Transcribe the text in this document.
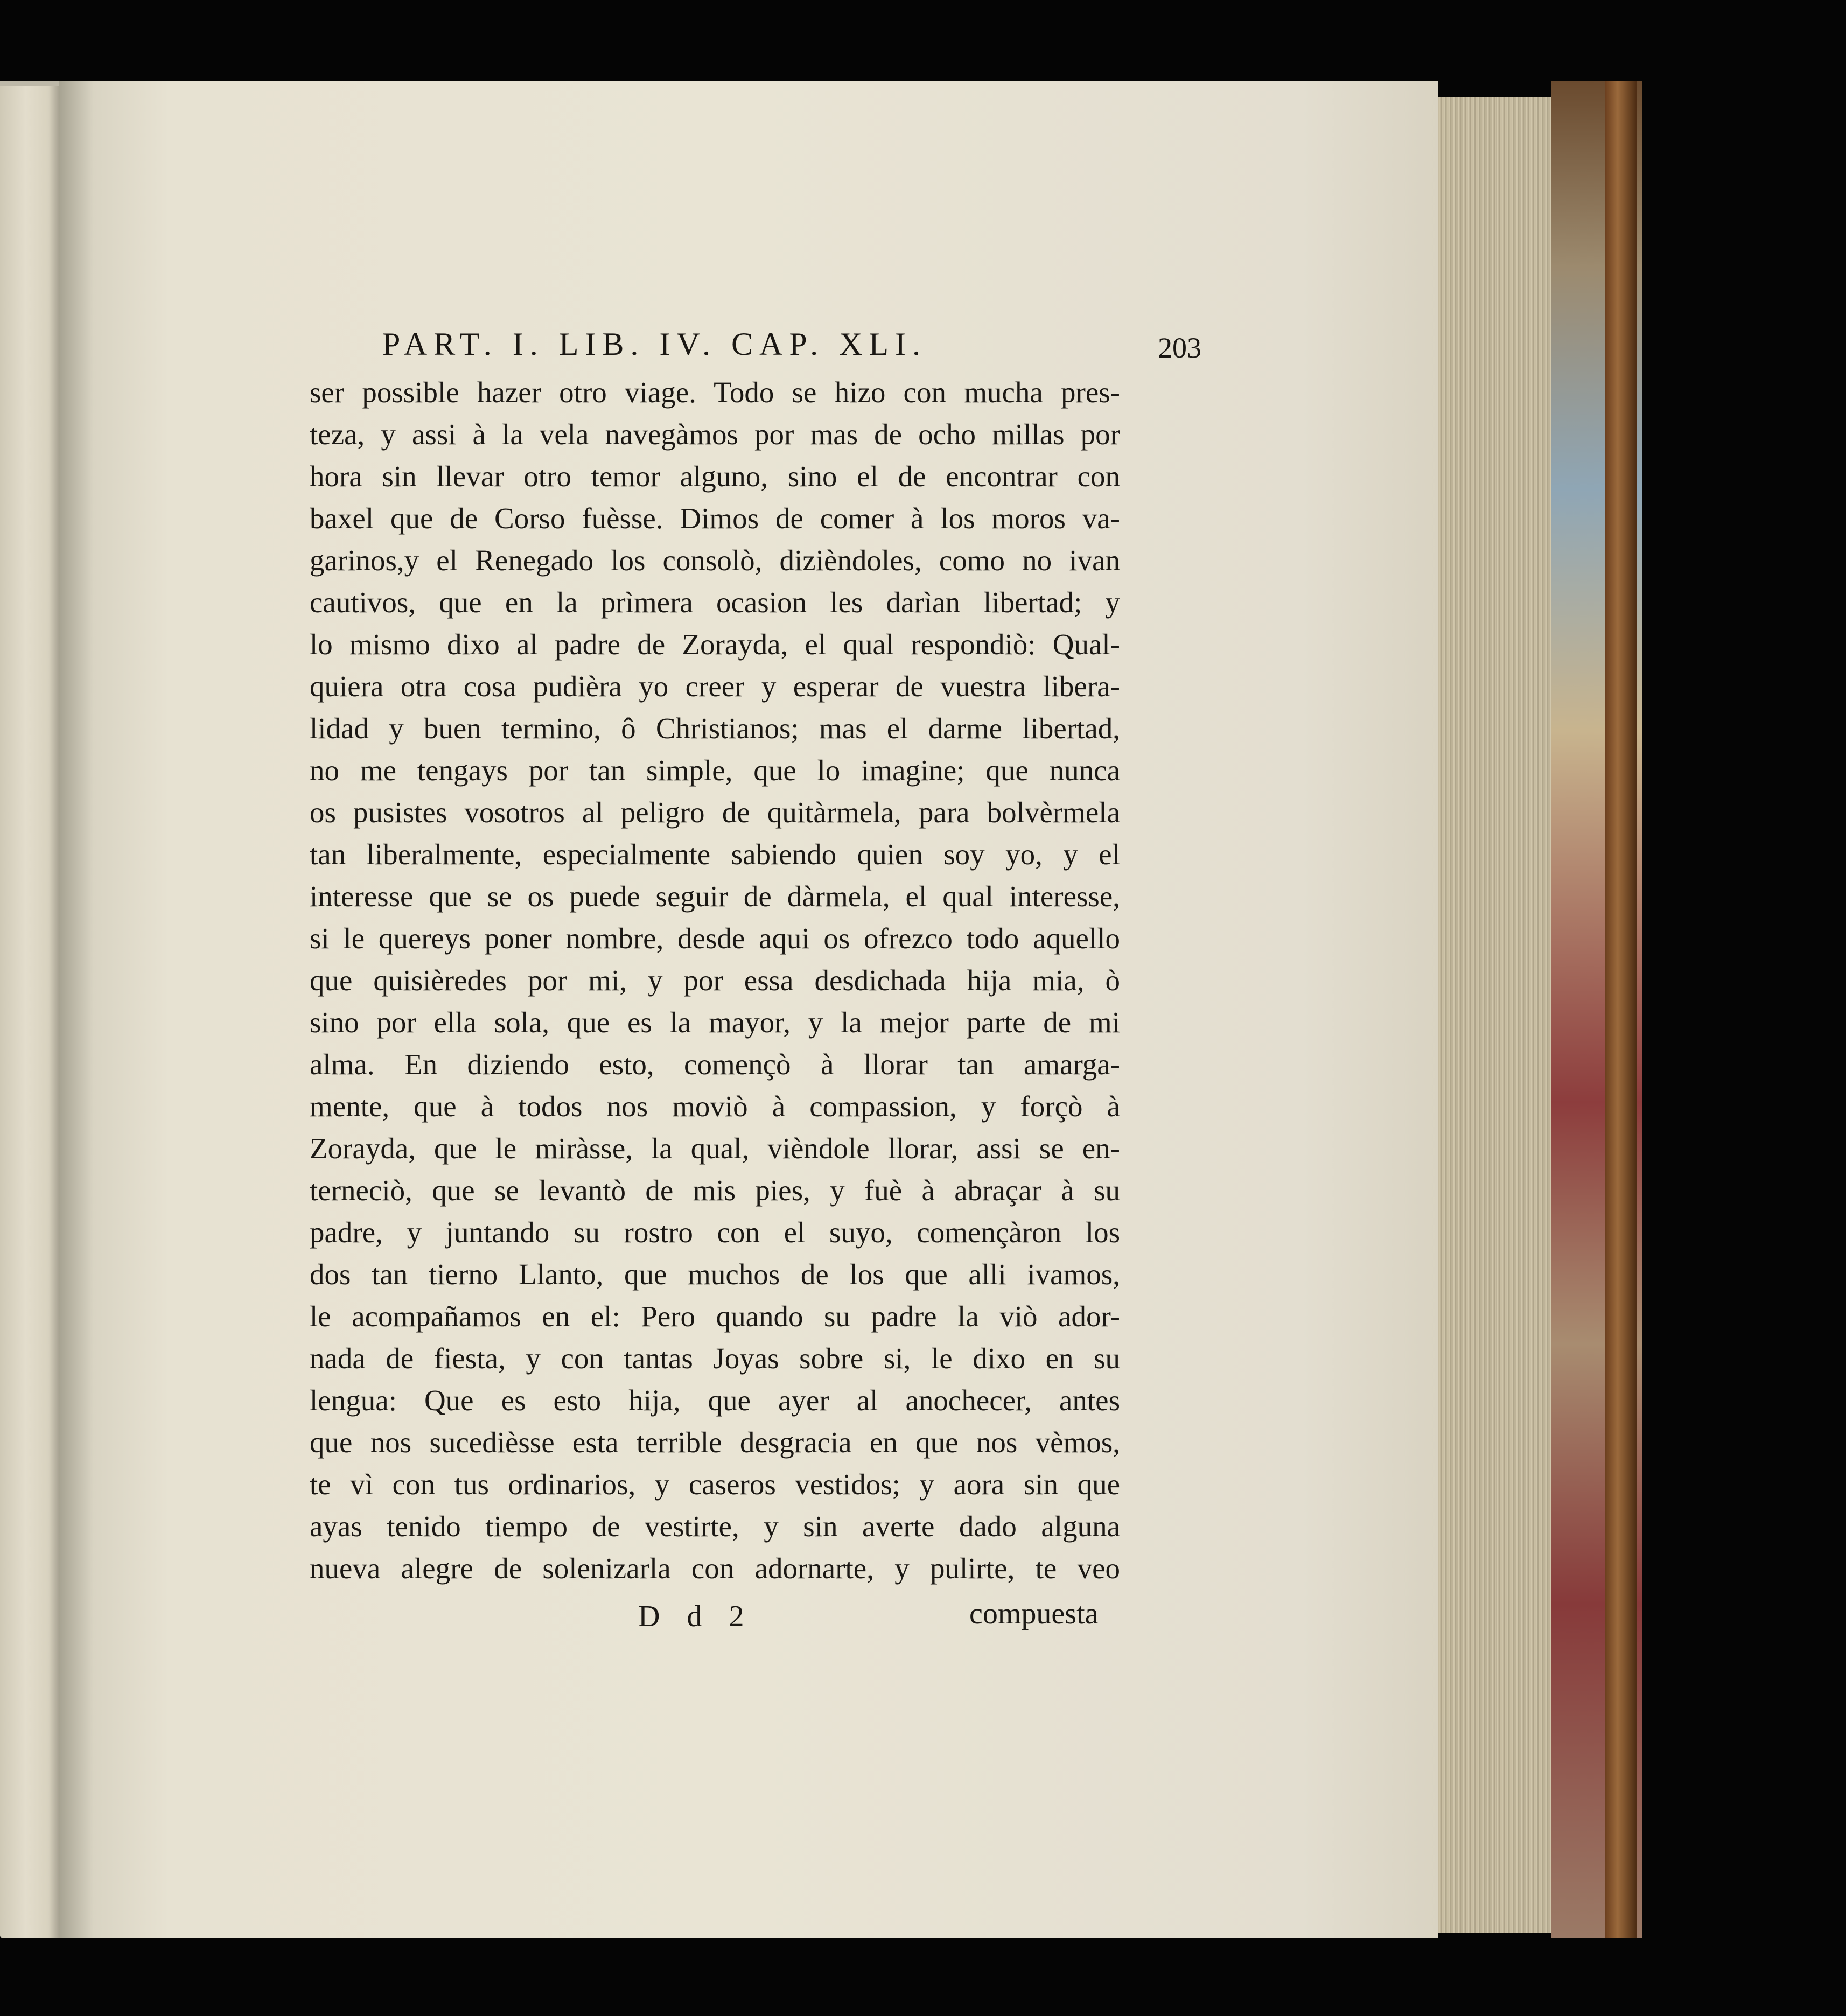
PART. I. LIB. IV. CAP. XLI.	203
ser possible hazer otro viage. Todo se hizo con mucha pres-
teza, y assi à la vela navegàmos por mas de ocho millas por
hora sin llevar otro temor alguno, sino el de encontrar con
baxel que de Corso fuèsse. Dimos de comer à los moros va-
garinos,y el Renegado los consolò, dizièndoles, como no ivan
cautivos, que en la prìmera ocasion les darìan libertad; y
lo mismo dixo al padre de Zorayda, el qual respondiò: Qual-
quiera otra cosa pudièra yo creer y esperar de vuestra libera-
lidad y buen termino, ô Christianos; mas el darme libertad,
no me tengays por tan simple, que lo imagine; que nunca
os pusistes vosotros al peligro de quitàrmela, para bolvèrmela
tan liberalmente, especialmente sabiendo quien soy yo, y el
interesse que se os puede seguir de dàrmela, el qual interesse,
si le quereys poner nombre, desde aqui os ofrezco todo aquello
que quisièredes por mi, y por essa desdichada hija mia, ò
sino por ella sola, que es la mayor, y la mejor parte de mi
alma. En diziendo esto, començò à llorar tan amarga-
mente, que à todos nos moviò à compassion, y forçò à
Zorayda, que le miràsse, la qual, vièndole llorar, assi se en-
terneciò, que se levantò de mis pies, y fuè à abraçar à su
padre, y juntando su rostro con el suyo, començàron los
dos tan tierno Llanto, que muchos de los que alli ivamos,
le acompañamos en el: Pero quando su padre la viò ador-
nada de fiesta, y con tantas Joyas sobre si, le dixo en su
lengua: Que es esto hija, que ayer al anochecer, antes
que nos sucedièsse esta terrible desgracia en que nos vèmos,
te vì con tus ordinarios, y caseros vestidos; y aora sin que
ayas tenido tiempo de vestirte, y sin averte dado alguna
nueva alegre de solenizarla con adornarte, y pulirte, te veo
D d 2	compuesta
